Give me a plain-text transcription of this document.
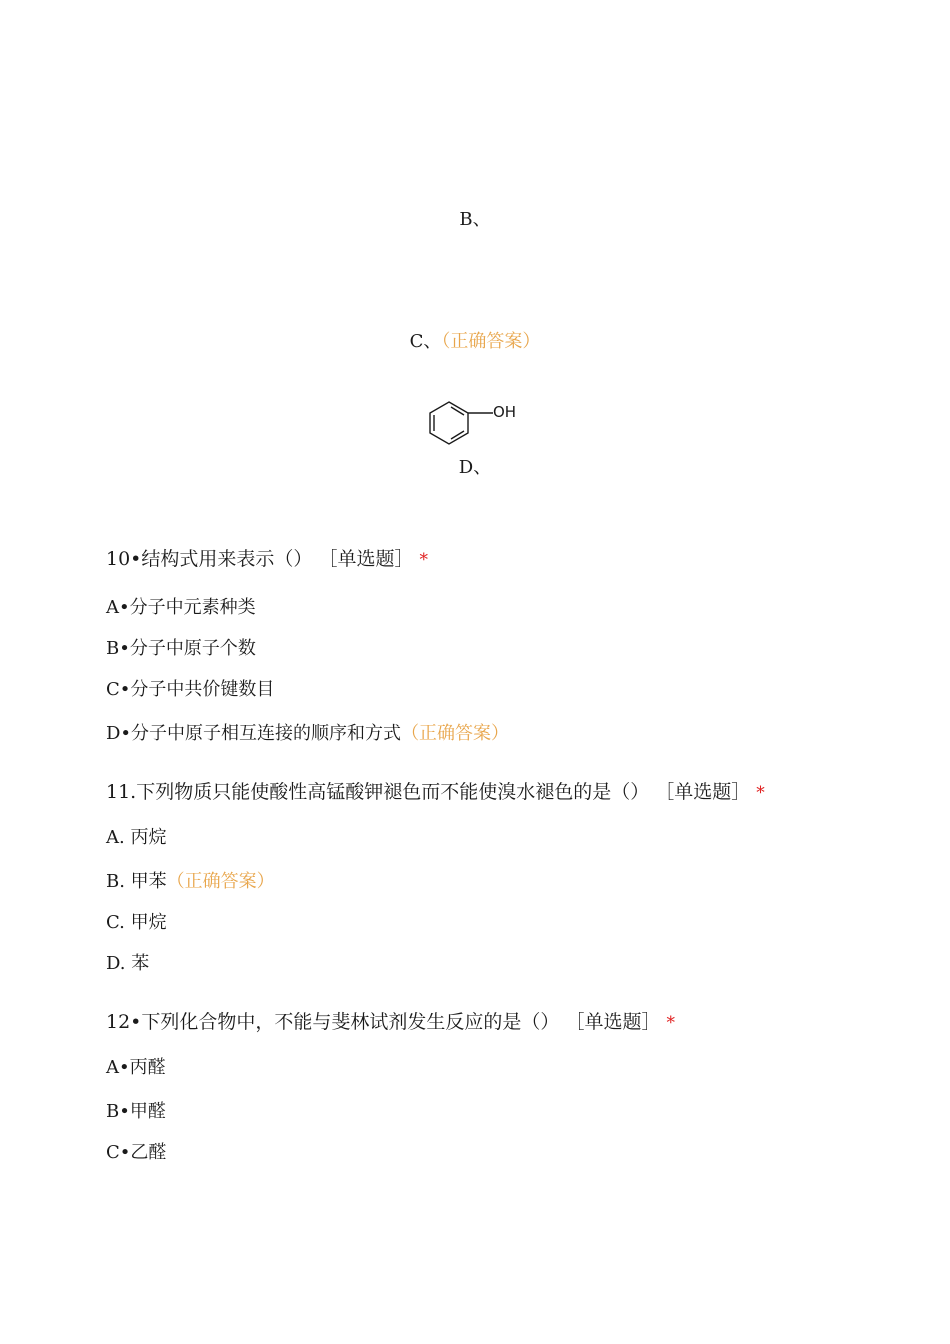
B、
C、（正确答案）
OH
D、
10•结构式用来表示（） ［单选题］ *
A•分子中元素种类
B•分子中原子个数
C•分子中共价键数目
D•分子中原子相互连接的顺序和方式（正确答案）
11.下列物质只能使酸性高锰酸钾褪色而不能使溴水褪色的是（） ［单选题］ *
A. 丙烷
B. 甲苯（正确答案）
C. 甲烷
D. 苯
12•下列化合物中，不能与斐林试剂发生反应的是（） ［单选题］ *
A•丙醛
B•甲醛
C•乙醛
